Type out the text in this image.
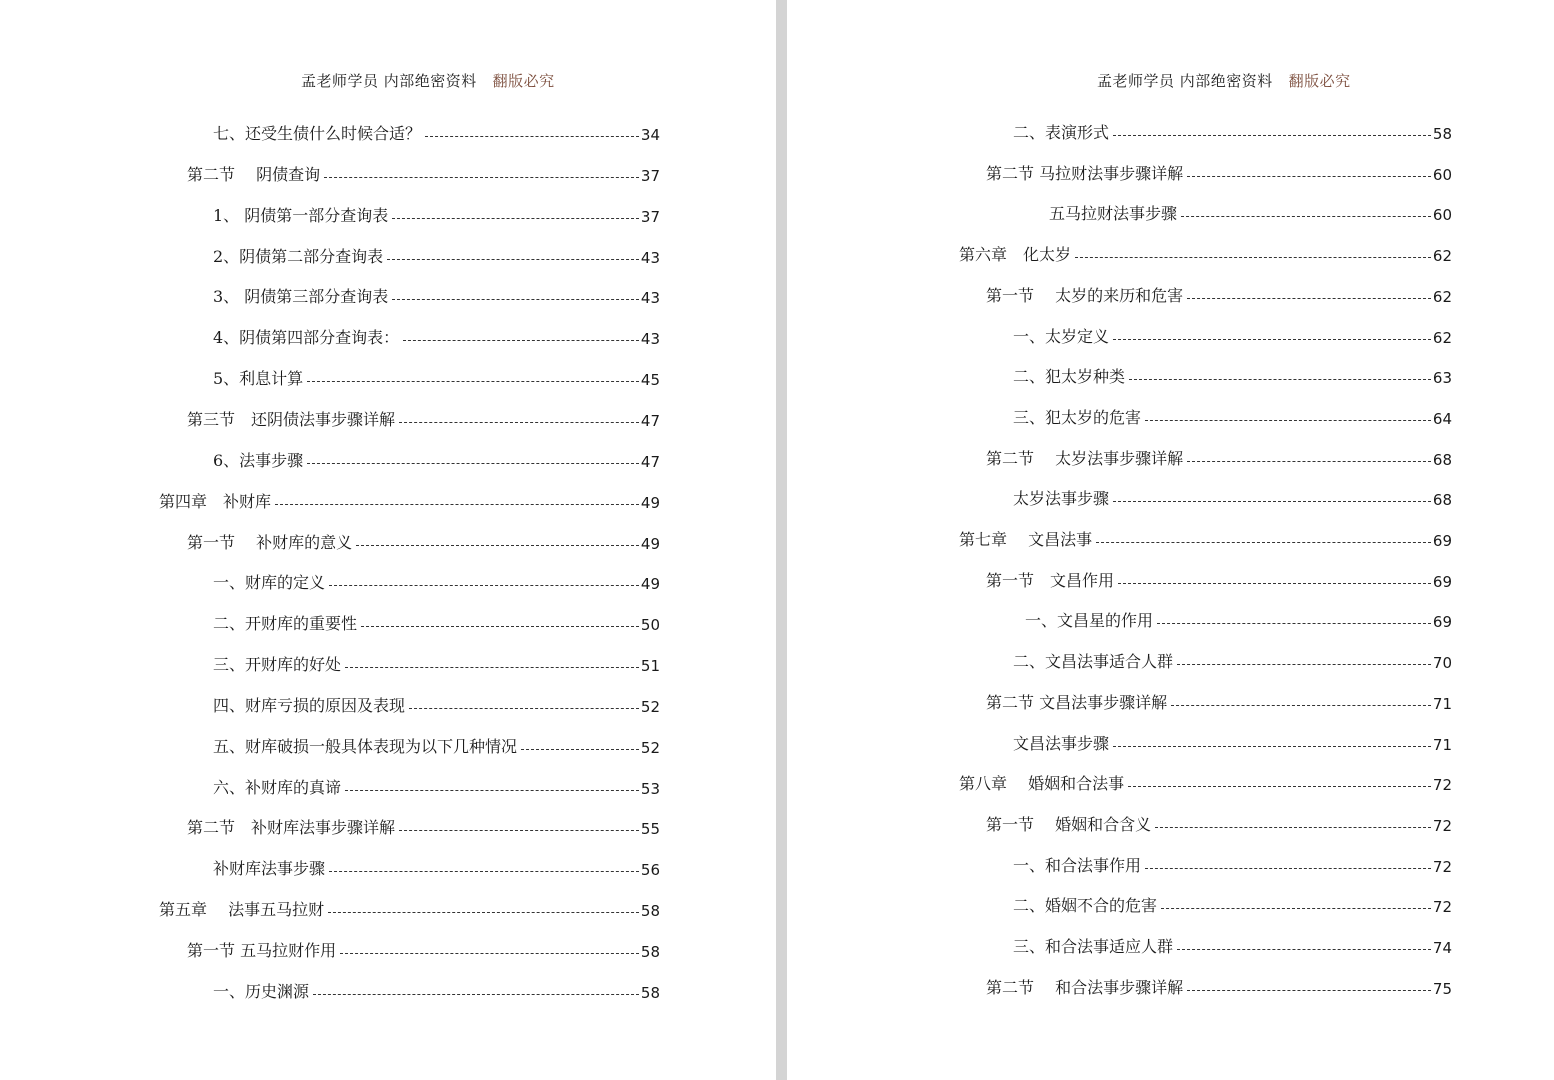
孟老师学员 内部绝密资料 翻版必究
七、还受生债什么时候合适？	34
第二节　 阴债查询	37
1、 阴债第一部分查询表	37
2、阴债第二部分查询表	43
3、 阴债第三部分查询表	43
4、阴债第四部分查询表：	43
5、利息计算	45
第三节　还阴债法事步骤详解	47
6、法事步骤	47
第四章　补财库	49
第一节　 补财库的意义	49
一、财库的定义	49
二、开财库的重要性	50
三、开财库的好处	51
四、财库亏损的原因及表现	52
五、财库破损一般具体表现为以下几种情况	52
六、补财库的真谛	53
第二节　补财库法事步骤详解	55
补财库法事步骤	56
第五章　 法事五马拉财	58
第一节 五马拉财作用	58
一、历史渊源	58
孟老师学员 内部绝密资料 翻版必究
二、表演形式	58
第二节 马拉财法事步骤详解	60
五马拉财法事步骤	60
第六章　化太岁	62
第一节　 太岁的来历和危害	62
一、太岁定义	62
二、犯太岁种类	63
三、犯太岁的危害	64
第二节　 太岁法事步骤详解	68
太岁法事步骤	68
第七章　 文昌法事	69
第一节　文昌作用	69
一、文昌星的作用	69
二、文昌法事适合人群	70
第二节 文昌法事步骤详解	71
文昌法事步骤	71
第八章　 婚姻和合法事	72
第一节　 婚姻和合含义	72
一、和合法事作用	72
二、婚姻不合的危害	72
三、和合法事适应人群	74
第二节　 和合法事步骤详解	75
